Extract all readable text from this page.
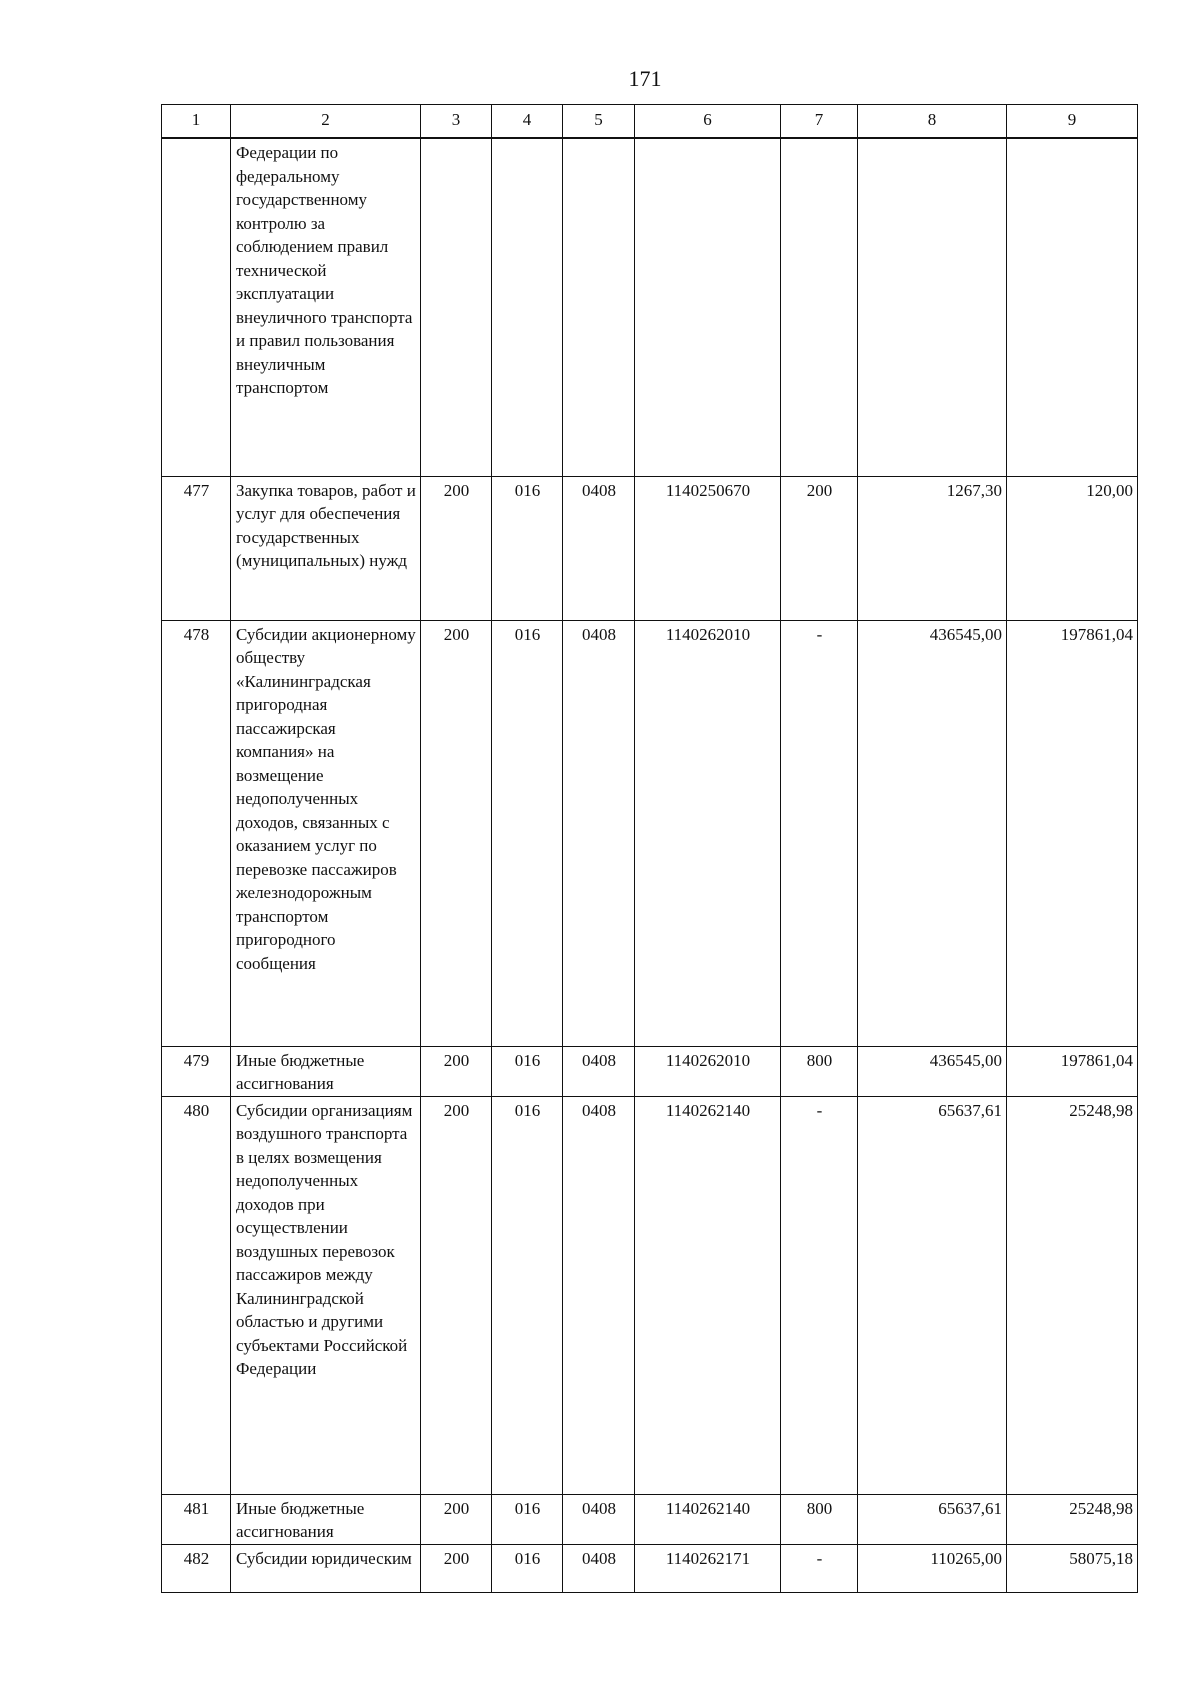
171
1	2	3	4	5	6	7	8	9
	Федерации по федеральному государственному контролю за соблюдением правил технической эксплуатации внеуличного транспорта и правил пользования внеуличным транспортом							
477	Закупка товаров, работ и услуг для обеспечения государственных (муниципальных) нужд	200	016	0408	1140250670	200	1267,30	120,00
478	Субсидии акционерному обществу «Калининградская пригородная пассажирская компания» на возмещение недополученных доходов, связанных с оказанием услуг по перевозке пассажиров железнодорожным транспортом пригородного сообщения	200	016	0408	1140262010	-	436545,00	197861,04
479	Иные бюджетные ассигнования	200	016	0408	1140262010	800	436545,00	197861,04
480	Субсидии организациям воздушного транспорта в целях возмещения недополученных доходов при осуществлении воздушных перевозок пассажиров между Калининградской областью и другими субъектами Российской Федерации	200	016	0408	1140262140	-	65637,61	25248,98
481	Иные бюджетные ассигнования	200	016	0408	1140262140	800	65637,61	25248,98
482	Субсидии юридическим	200	016	0408	1140262171	-	110265,00	58075,18
